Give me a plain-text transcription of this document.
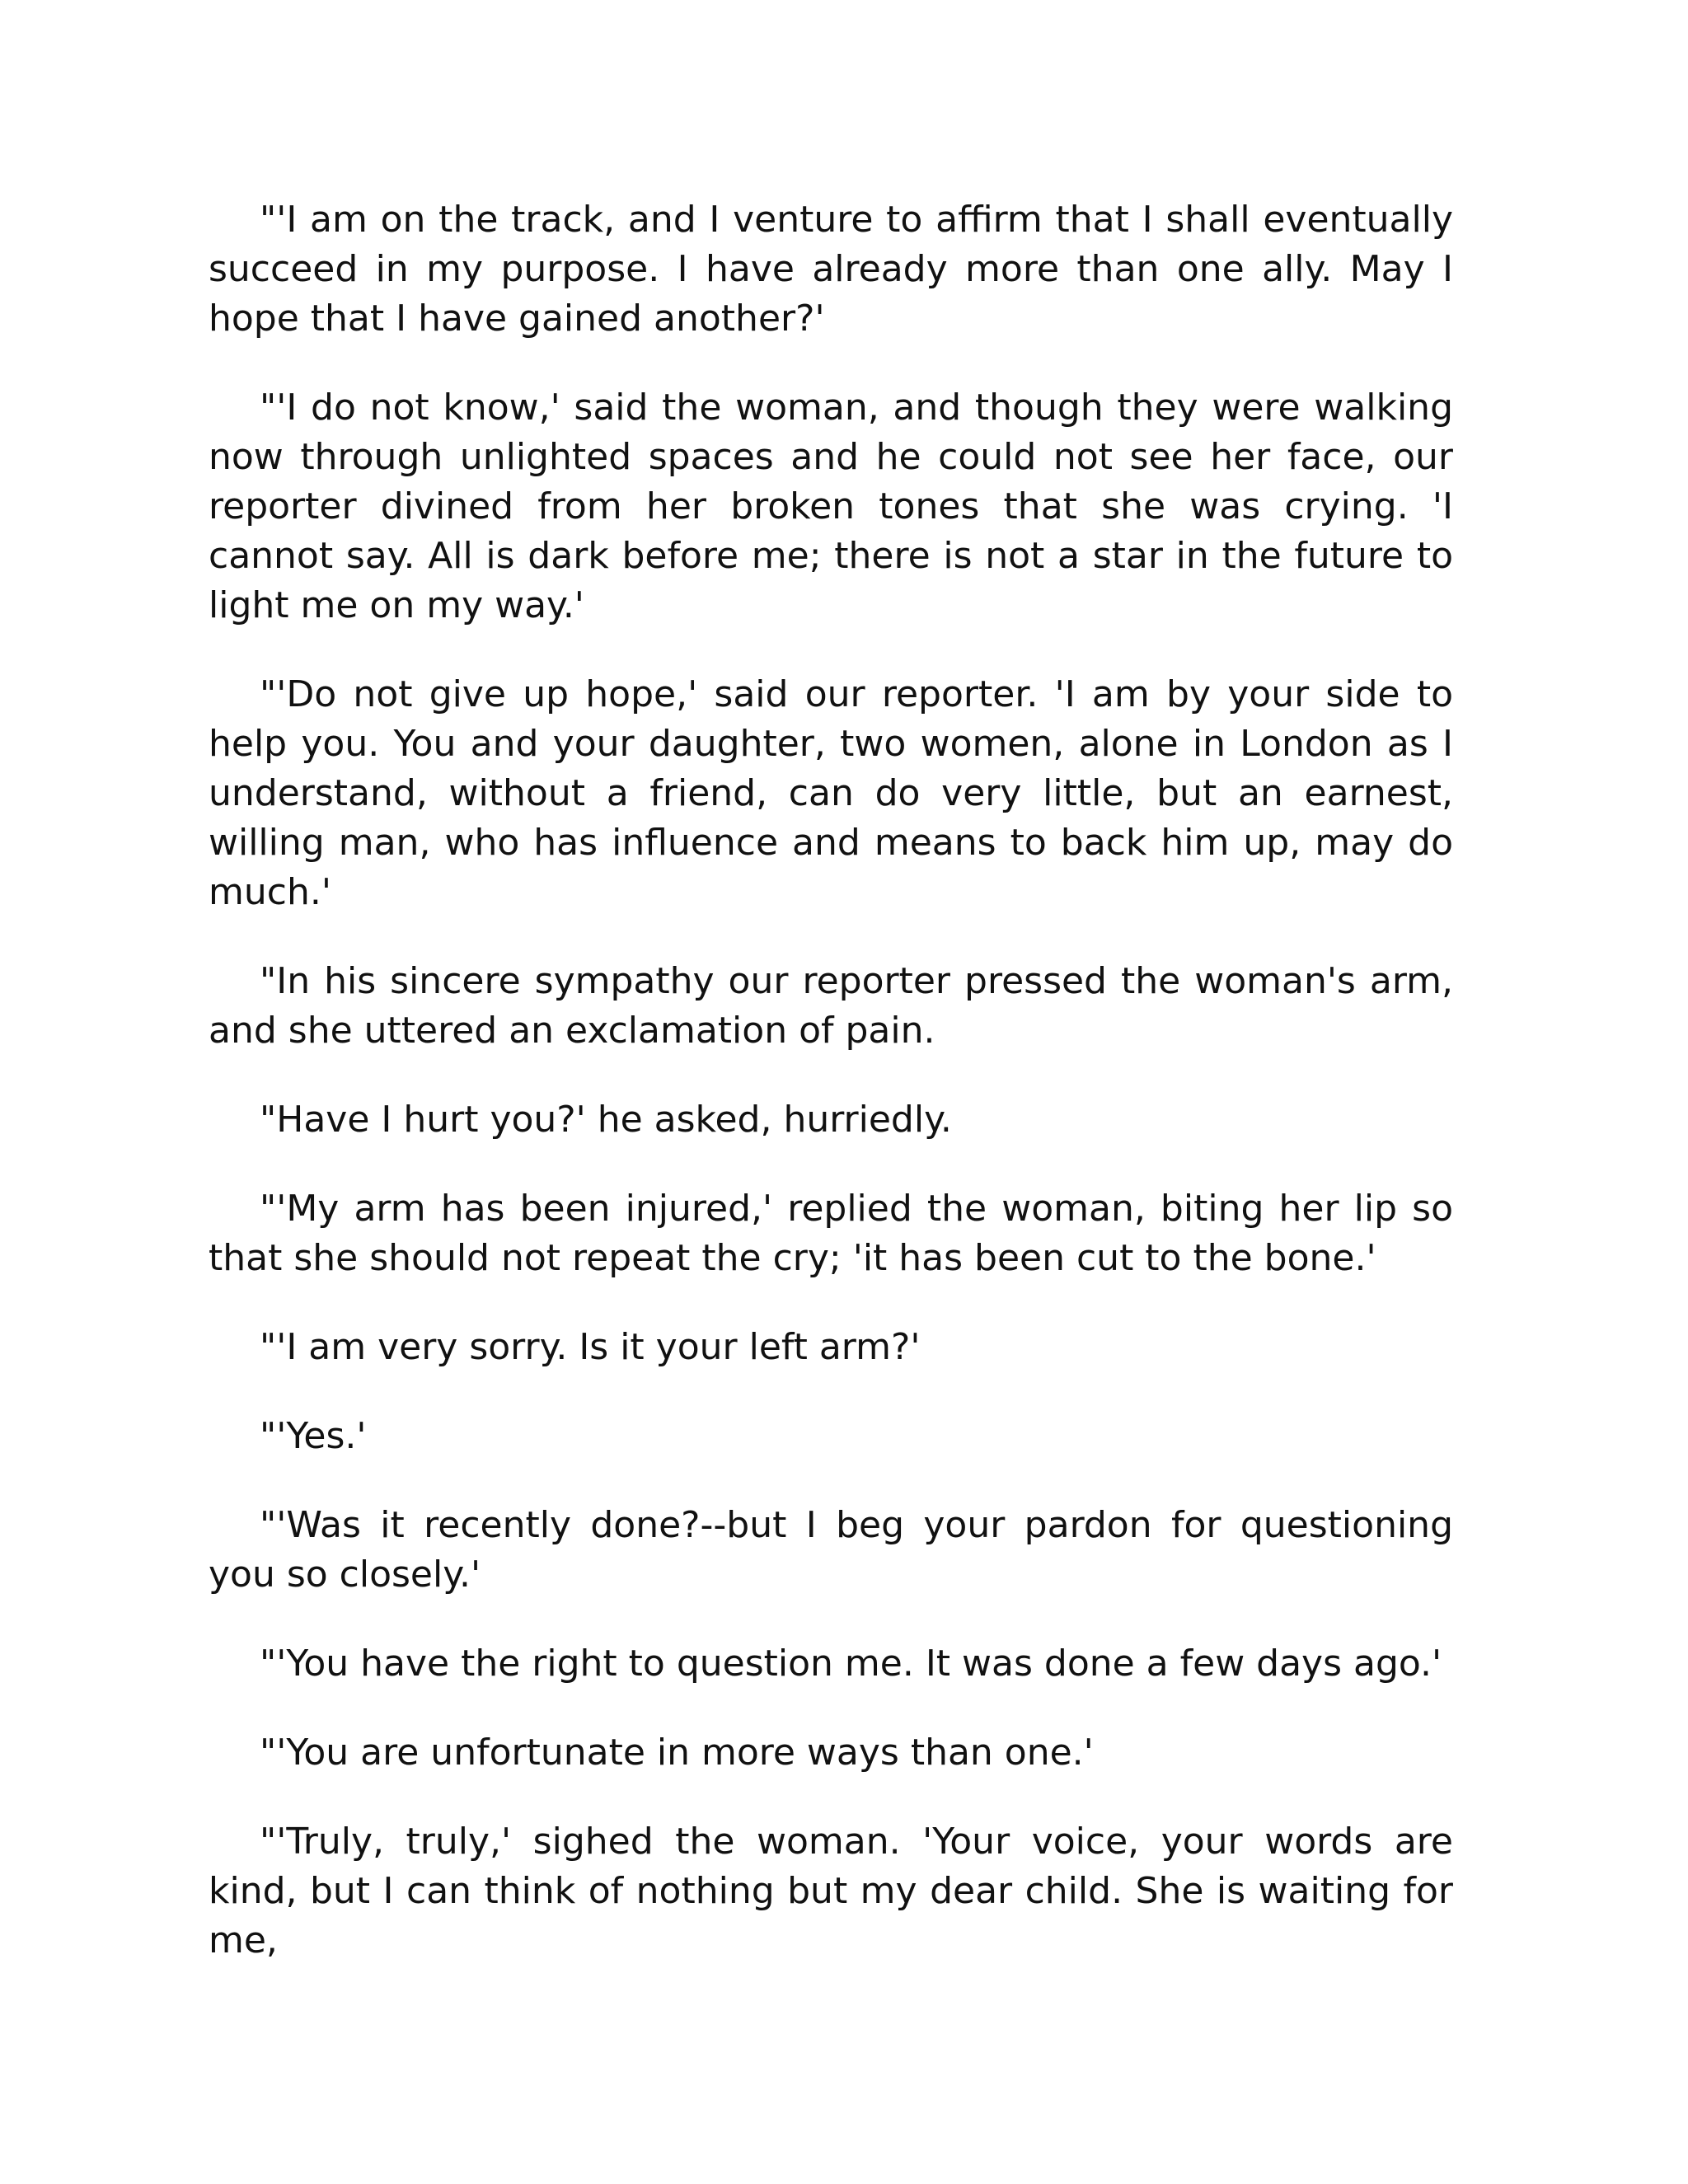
"'I am on the track, and I venture to affirm that I shall eventually succeed in my purpose. I have already more than one ally. May I hope that I have gained another?'

"'I do not know,' said the woman, and though they were walking now through unlighted spaces and he could not see her face, our reporter divined from her broken tones that she was crying. 'I cannot say. All is dark before me; there is not a star in the future to light me on my way.'

"'Do not give up hope,' said our reporter. 'I am by your side to help you. You and your daughter, two women, alone in London as I understand, without a friend, can do very little, but an earnest, willing man, who has influence and means to back him up, may do much.'

"In his sincere sympathy our reporter pressed the woman's arm, and she uttered an exclamation of pain.

"Have I hurt you?' he asked, hurriedly.

"'My arm has been injured,' replied the woman, biting her lip so that she should not repeat the cry; 'it has been cut to the bone.'

"'I am very sorry. Is it your left arm?'

"'Yes.'

"'Was it recently done?--but I beg your pardon for questioning you so closely.'

"'You have the right to question me. It was done a few days ago.'

"'You are unfortunate in more ways than one.'

"'Truly, truly,' sighed the woman. 'Your voice, your words are kind, but I can think of nothing but my dear child. She is waiting for me,
